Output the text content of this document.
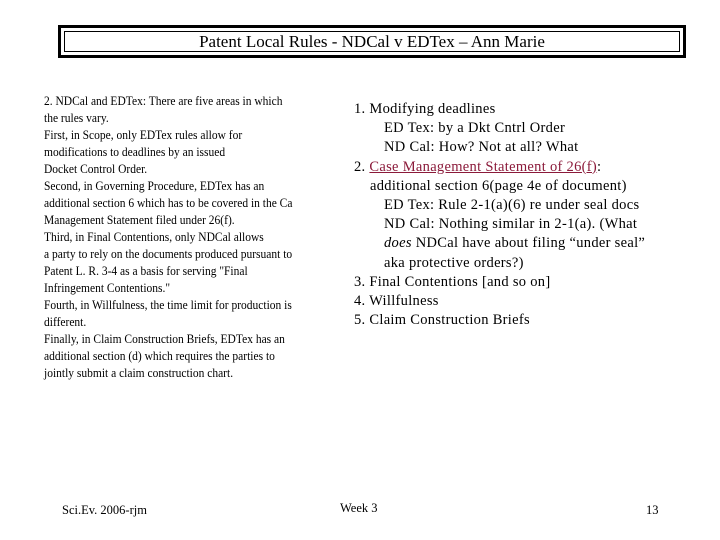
Patent Local Rules - NDCal v EDTex – Ann Marie
2. NDCal and EDTex: There are five areas in which
the rules vary.
First, in Scope, only EDTex rules allow for
modifications to deadlines by an issued
Docket Control Order.
Second, in Governing Procedure, EDTex has an
additional section 6 which has to be covered in the Ca
Management Statement filed under 26(f).
Third, in Final Contentions, only NDCal allows
a party to rely on the documents produced pursuant to
Patent L. R. 3-4 as a basis for serving "Final
Infringement Contentions."
Fourth, in Willfulness, the time limit for production is
different.
Finally, in Claim Construction Briefs, EDTex has an
additional section (d) which requires the parties to
jointly submit a claim construction chart.
1. Modifying deadlines
ED Tex: by a Dkt Cntrl Order
ND Cal: How? Not at all? What
2. Case Management Statement of 26(f):
additional section 6(page 4e of document)
ED Tex: Rule 2-1(a)(6) re under seal docs
ND Cal: Nothing similar in 2-1(a). (What
does NDCal have about filing “under seal”
aka protective orders?)
3. Final Contentions [and so on]
4. Willfulness
5. Claim Construction Briefs
Sci.Ev. 2006-rjm	Week 3	13
